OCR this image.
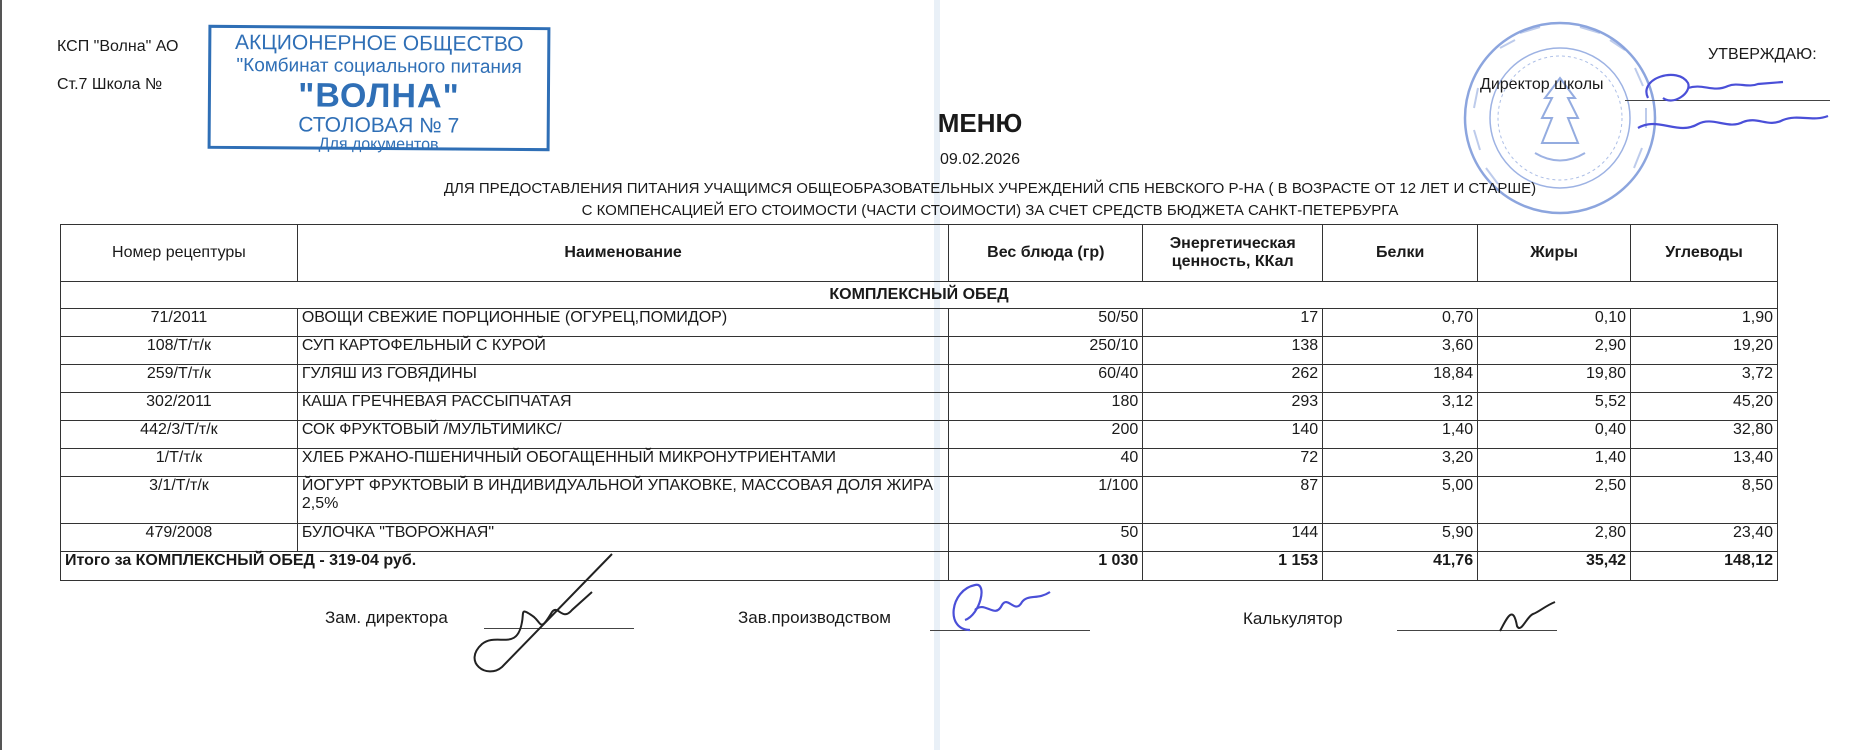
КСП "Волна" АО
Ст.7 Школа №
АКЦИОНЕРНОЕ ОБЩЕСТВО
"Комбинат социального питания
"ВОЛНА"
СТОЛОВАЯ № 7
Для документов
УТВЕРЖДАЮ:
Директор школы
МЕНЮ
09.02.2026
ДЛЯ ПРЕДОСТАВЛЕНИЯ ПИТАНИЯ УЧАЩИМСЯ ОБЩЕОБРАЗОВАТЕЛЬНЫХ УЧРЕЖДЕНИЙ СПБ НЕВСКОГО Р-НА ( В ВОЗРАСТЕ ОТ 12 ЛЕТ И СТАРШЕ)
С КОМПЕНСАЦИЕЙ ЕГО СТОИМОСТИ (ЧАСТИ СТОИМОСТИ) ЗА СЧЕТ СРЕДСТВ БЮДЖЕТА САНКТ-ПЕТЕРБУРГА
Номер рецептуры	Наименование	Вес блюда (гр)	Энергетическая ценность, ККал	Белки	Жиры	Углеводы
КОМПЛЕКСНЫЙ ОБЕД						
71/2011	ОВОЩИ СВЕЖИЕ ПОРЦИОННЫЕ (ОГУРЕЦ,ПОМИДОР)	50/50	17	0,70	0,10	1,90
108/Т/т/к	СУП КАРТОФЕЛЬНЫЙ С КУРОЙ	250/10	138	3,60	2,90	19,20
259/Т/т/к	ГУЛЯШ ИЗ ГОВЯДИНЫ	60/40	262	18,84	19,80	3,72
302/2011	КАША ГРЕЧНЕВАЯ РАССЫПЧАТАЯ	180	293	3,12	5,52	45,20
442/3/Т/т/к	СОК ФРУКТОВЫЙ /МУЛЬТИМИКС/	200	140	1,40	0,40	32,80
1/Т/т/к	ХЛЕБ РЖАНО-ПШЕНИЧНЫЙ ОБОГАЩЕННЫЙ МИКРОНУТРИЕНТАМИ	40	72	3,20	1,40	13,40
3/1/Т/т/к	ЙОГУРТ ФРУКТОВЫЙ В ИНДИВИДУАЛЬНОЙ УПАКОВКЕ, МАССОВАЯ ДОЛЯ ЖИРА 2,5%	1/100	87	5,00	2,50	8,50
479/2008	БУЛОЧКА "ТВОРОЖНАЯ"	50	144	5,90	2,80	23,40
Итого за КОМПЛЕКСНЫЙ ОБЕД - 319-04 руб.		1 030	1 153	41,76	35,42	148,12
Зам. директора	Зав.производством	Калькулятор
